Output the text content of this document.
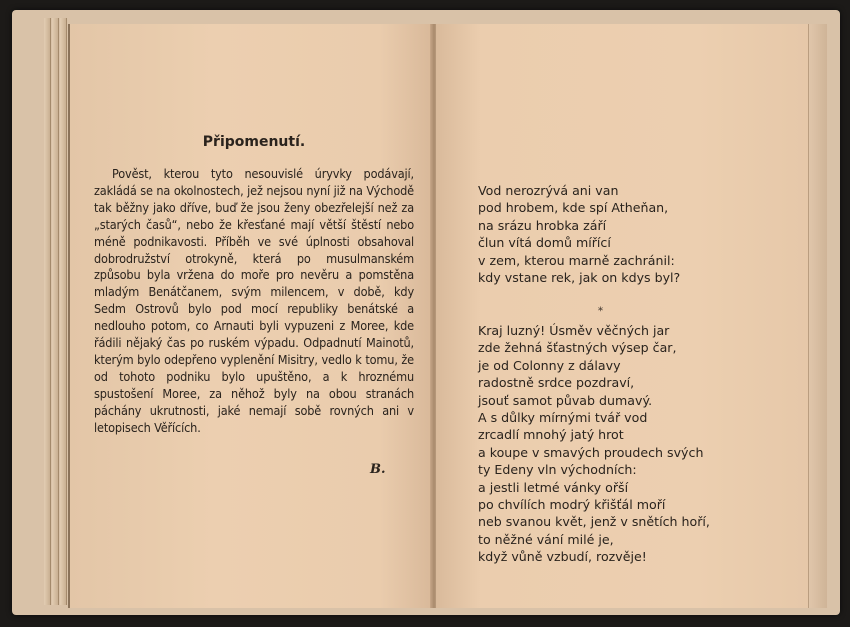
Připomenutí.

Pověst, kterou tyto nesouvislé úryvky podávají, zakládá se na okolnostech, jež nejsou nyní již na Východě tak běžny jako dříve, buď že jsou ženy obezřelejší než za „starých časů“, nebo že křesťané mají větší štěstí nebo méně podnikavosti. Příběh ve své úplnosti obsahoval dobrodružství otrokyně, která po musulmanském způsobu byla vržena do moře pro nevěru a pomstěna mladým Benátčanem, svým milencem, v době, kdy Sedm Ostrovů bylo pod mocí republiky benátské a nedlouho potom, co Arnauti byli vypuzeni z Moree, kde řádili nějaký čas po ruském výpadu. Odpadnutí Mainotů, kterým bylo odepřeno vyplenění Misitry, vedlo k tomu, že od tohoto podniku bylo upuštěno, a k hroznému spustošení Moree, za něhož byly na obou stranách páchány ukrutnosti, jaké nemají sobě rovných ani v letopisech Věřících.

B.
Vod nerozrývá ani van
pod hrobem, kde spí Atheňan,
na srázu hrobka září
člun vítá domů mířící
v zem, kterou marně zachránil:
kdy vstane rek, jak on kdys byl?
*
Kraj luzný! Úsměv věčných jar
zde žehná šťastných výsep čar,
je od Colonny z dálavy
radostně srdce pozdraví,
jsouť samot půvab dumavý.
A s důlky mírnými tvář vod
zrcadlí mnohý jatý hrot
a koupe v smavých proudech svých
ty Edeny vln východních:
a jestli letmé vánky ořší
po chvílích modrý křišťál moří
neb svanou květ, jenž v snětích hoří,
to něžné vání milé je,
když vůně vzbudí, rozvěje!
